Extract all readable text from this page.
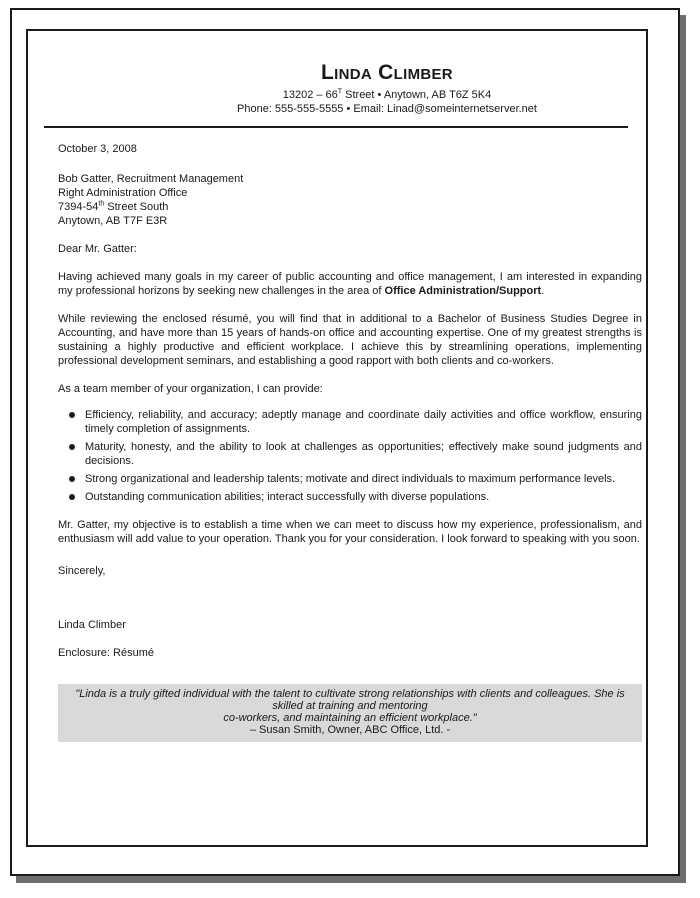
Linda Climber
$13202 - 66^T$ Street • Anytown, AB T6Z 5K4
Phone: 555-555-5555 • Email: Linad@someinternetserver.net

October 3, 2008

Bob Gatter, Recruitment Management

Right Administration Office

7394-54th Street South

Anytown, AB T7F E3R

Dear Mr. Gatter:

Having achieved many goals in my career of public accounting and office management, I am interested in expanding my professional horizons by seeking new challenges in the area of Office Administration/Support.

While reviewing the enclosed résumé, you will find that in additional to a Bachelor of Business Studies Degree in Accounting, and have more than 15 years of hands-on office and accounting expertise. One of my greatest strengths is sustaining a highly productive and efficient workplace. I achieve this by streamlining operations, implementing professional development seminars, and establishing a good rapport with both clients and co-workers.

As a team member of your organization, I can provide:

Efficiency, reliability, and accuracy; adeptly manage and coordinate daily activities and office workflow, ensuring timely completion of assignments.
Maturity, honesty, and the ability to look at challenges as opportunities; effectively make sound judgments and decisions.
Strong organizational and leadership talents; motivate and direct individuals to maximum performance levels.
Outstanding communication abilities; interact successfully with diverse populations.

Mr. Gatter, my objective is to establish a time when we can meet to discuss how my experience, professionalism, and enthusiasm will add value to your operation. Thank you for your consideration. I look forward to speaking with you soon.

Sincerely,

Linda Climber

Enclosure: Résumé

"Linda is a truly gifted individual with the talent to cultivate strong relationships with clients and colleagues. She is
skilled at training and mentoring
co-workers, and maintaining an efficient workplace."
– Susan Smith, Owner, ABC Office, Ltd. -
